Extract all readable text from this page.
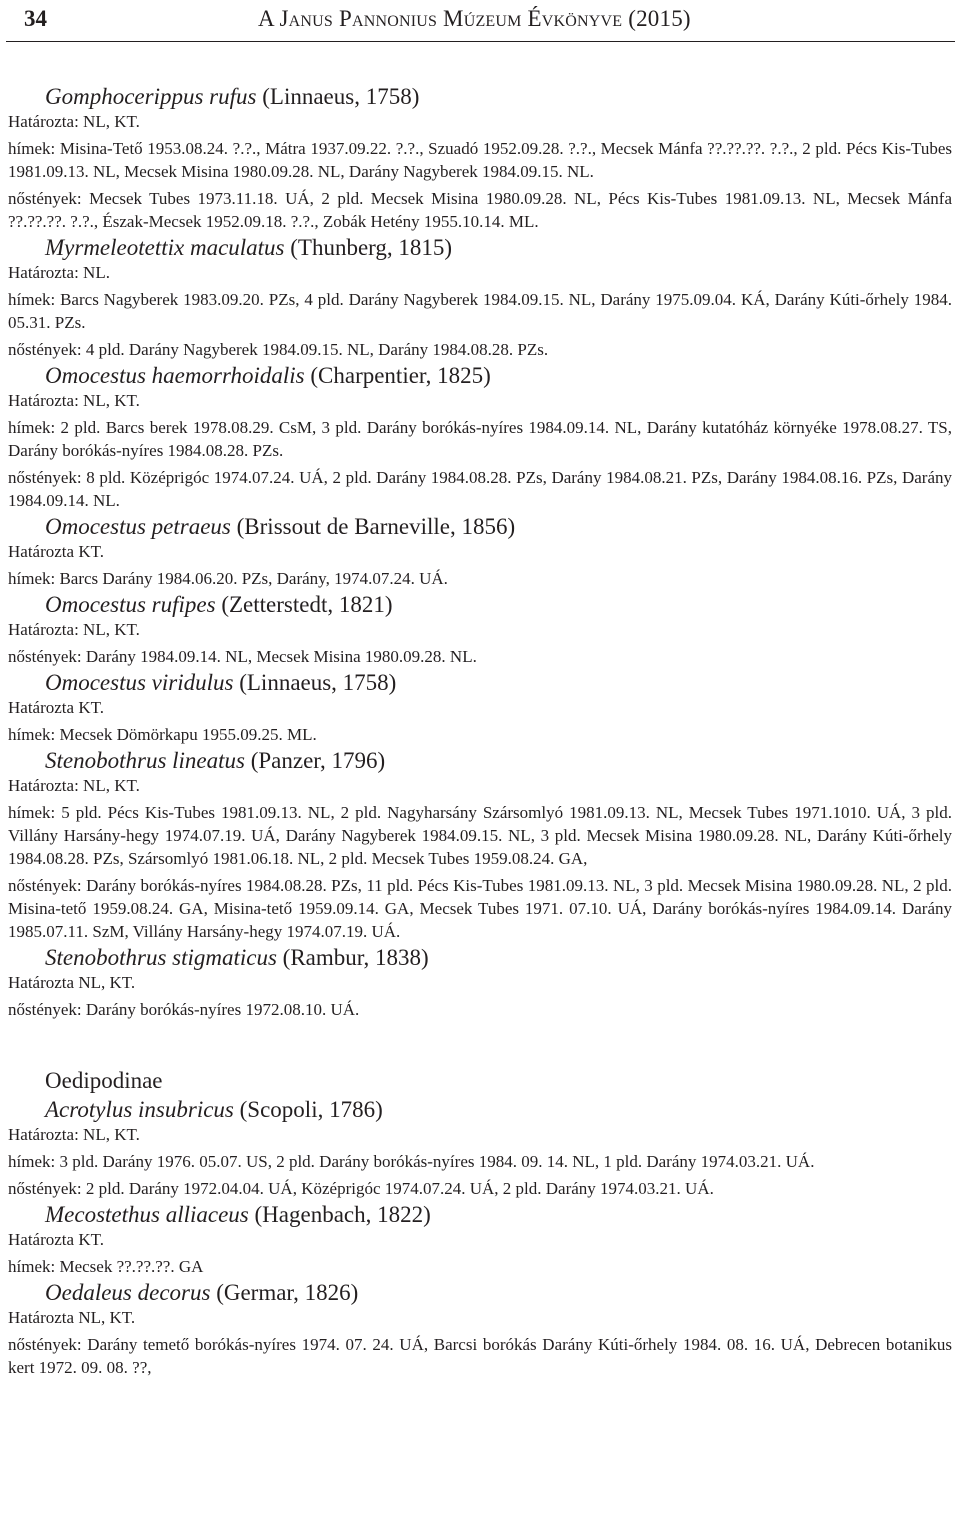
34	A Janus Pannonius Múzeum Évkönyve (2015)
Gomphocerippus rufus (Linnaeus, 1758)
Határozta: NL, KT.
hímek: Misina-Tető 1953.08.24. ?.?., Mátra 1937.09.22. ?.?., Szuadó 1952.09.28. ?.?., Mecsek Mánfa ??.??.??. ?.?., 2 pld. Pécs Kis-Tubes 1981.09.13. NL, Mecsek Misina 1980.09.28. NL, Darány Nagyberek 1984.09.15. NL.
nőstények: Mecsek Tubes 1973.11.18. UÁ, 2 pld. Mecsek Misina 1980.09.28. NL, Pécs Kis-Tubes 1981.09.13. NL, Mecsek Mánfa ??.??.??. ?.?., Észak-Mecsek 1952.09.18. ?.?., Zobák Hetény 1955.10.14. ML.
Myrmeleotettix maculatus (Thunberg, 1815)
Határozta: NL.
hímek: Barcs Nagyberek 1983.09.20. PZs, 4 pld. Darány Nagyberek 1984.09.15. NL, Darány 1975.09.04. KÁ, Darány Kúti-őrhely 1984. 05.31. PZs.
nőstények: 4 pld. Darány Nagyberek 1984.09.15. NL, Darány 1984.08.28. PZs.
Omocestus haemorrhoidalis (Charpentier, 1825)
Határozta: NL, KT.
hímek: 2 pld. Barcs berek 1978.08.29. CsM, 3 pld. Darány borókás-nyíres 1984.09.14. NL, Darány kutatóház környéke 1978.08.27. TS, Darány borókás-nyíres 1984.08.28. PZs.
nőstények: 8 pld. Középrigóc 1974.07.24. UÁ, 2 pld. Darány 1984.08.28. PZs, Darány 1984.08.21. PZs, Darány 1984.08.16. PZs, Darány 1984.09.14. NL.
Omocestus petraeus (Brissout de Barneville, 1856)
Határozta KT.
hímek: Barcs Darány 1984.06.20. PZs, Darány, 1974.07.24. UÁ.
Omocestus rufipes (Zetterstedt, 1821)
Határozta: NL, KT.
nőstények: Darány 1984.09.14. NL, Mecsek Misina 1980.09.28. NL.
Omocestus viridulus (Linnaeus, 1758)
Határozta KT.
hímek: Mecsek Dömörkapu 1955.09.25. ML.
Stenobothrus lineatus (Panzer, 1796)
Határozta: NL, KT.
hímek: 5 pld. Pécs Kis-Tubes 1981.09.13. NL, 2 pld. Nagyharsány Szársomlyó 1981.09.13. NL, Mecsek Tubes 1971.1010. UÁ, 3 pld. Villány Harsány-hegy 1974.07.19. UÁ, Darány Nagyberek 1984.09.15. NL, 3 pld. Mecsek Misina 1980.09.28. NL, Darány Kúti-őrhely 1984.08.28. PZs, Szársomlyó 1981.06.18. NL, 2 pld. Mecsek Tubes 1959.08.24. GA,
nőstények: Darány borókás-nyíres 1984.08.28. PZs, 11 pld. Pécs Kis-Tubes 1981.09.13. NL, 3 pld. Mecsek Misina 1980.09.28. NL, 2 pld. Misina-tető 1959.08.24. GA, Misina-tető 1959.09.14. GA, Mecsek Tubes 1971. 07.10. UÁ, Darány borókás-nyíres 1984.09.14. Darány 1985.07.11. SzM, Villány Harsány-hegy 1974.07.19. UÁ.
Stenobothrus stigmaticus (Rambur, 1838)
Határozta NL, KT.
nőstények: Darány borókás-nyíres 1972.08.10. UÁ.
Oedipodinae
Acrotylus insubricus (Scopoli, 1786)
Határozta: NL, KT.
hímek: 3 pld. Darány 1976. 05.07. US, 2 pld. Darány borókás-nyíres 1984. 09. 14. NL, 1 pld. Darány 1974.03.21. UÁ.
nőstények: 2 pld. Darány 1972.04.04. UÁ, Középrigóc 1974.07.24. UÁ, 2 pld. Darány 1974.03.21. UÁ.
Mecostethus alliaceus (Hagenbach, 1822)
Határozta KT.
hímek: Mecsek ??.??.??. GA
Oedaleus decorus (Germar, 1826)
Határozta NL, KT.
nőstények: Darány temető borókás-nyíres 1974. 07. 24. UÁ, Barcsi borókás Darány Kúti-őrhely 1984. 08. 16. UÁ, Debrecen botanikus kert 1972. 09. 08. ??,
